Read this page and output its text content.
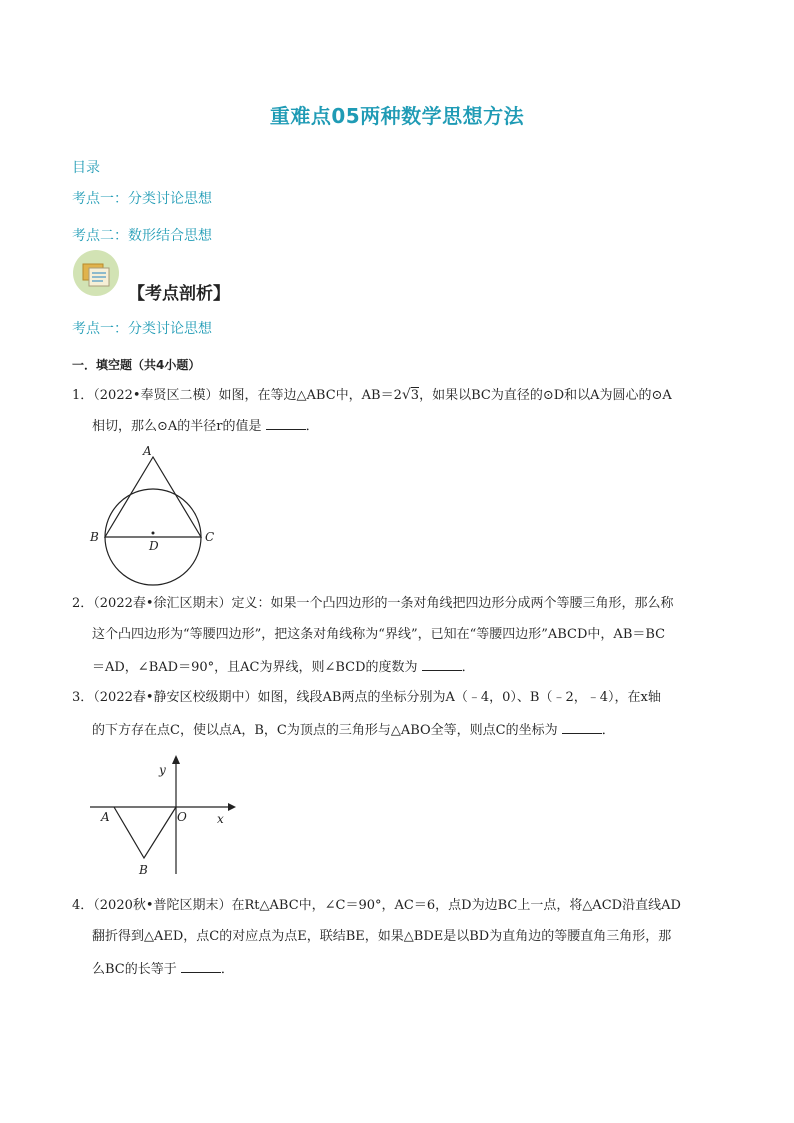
重难点05两种数学思想方法
目录
考点一：分类讨论思想
考点二：数形结合思想
【考点剖析】
考点一：分类讨论思想
一．填空题（共4小题）
1．（2022•奉贤区二模）如图，在等边△ABC中，AB＝2√3，如果以BC为直径的⊙D和以A为圆心的⊙A
相切，那么⊙A的半径r的值是	．
A
B	C
D
2．（2022春•徐汇区期末）定义：如果一个凸四边形的一条对角线把四边形分成两个等腰三角形，那么称
这个凸四边形为“等腰四边形”，把这条对角线称为“界线”，已知在“等腰四边形”ABCD中，AB＝BC
＝AD，∠BAD＝90°，且AC为界线，则∠BCD的度数为	．
3．（2022春•静安区校级期中）如图，线段AB两点的坐标分别为A（﹣4，0）、B（﹣2，﹣4），在x轴
的下方存在点C，使以点A，B，C为顶点的三角形与△ABO全等，则点C的坐标为	．
y
x
O
A
B
4．（2020秋•普陀区期末）在Rt△ABC中，∠C＝90°，AC＝6，点D为边BC上一点，将△ACD沿直线AD
翻折得到△AED，点C的对应点为点E，联结BE，如果△BDE是以BD为直角边的等腰直角三角形，那
么BC的长等于	．
